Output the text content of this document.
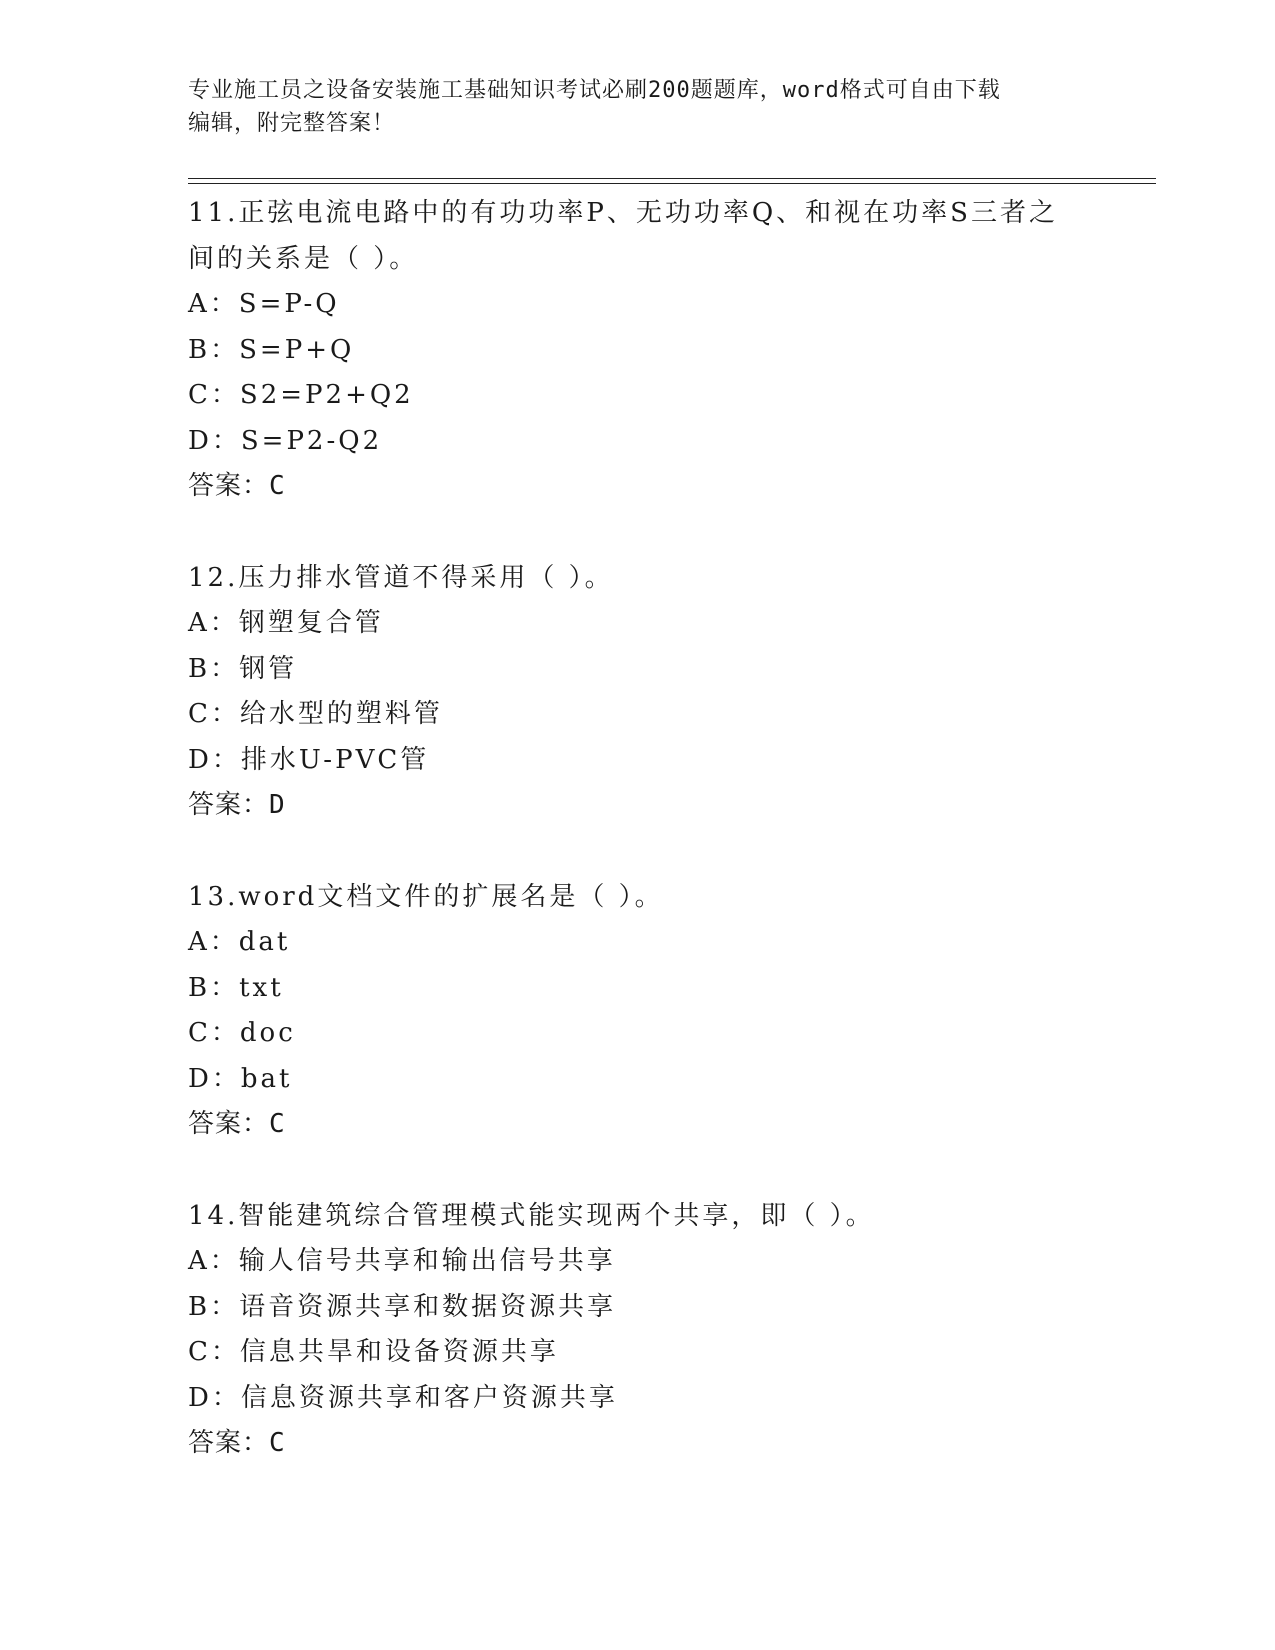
专业施工员之设备安装施工基础知识考试必刷200题题库，word格式可自由下载
编辑，附完整答案！
11.正弦电流电路中的有功功率P、无功功率Q、和视在功率S三者之
间的关系是（ ）。
A：S=P-Q
B：S=P+Q
C：S2=P2+Q2
D：S=P2-Q2
答案：C
12.压力排水管道不得采用（ ）。
A：钢塑复合管
B：钢管
C：给水型的塑料管
D：排水U-PVC管
答案：D
13.word文档文件的扩展名是（ ）。
A：dat
B：txt
C：doc
D：bat
答案：C
14.智能建筑综合管理模式能实现两个共享，即（ ）。
A：输人信号共享和输出信号共享
B：语音资源共享和数据资源共享
C：信息共旱和设备资源共享
D：信息资源共享和客户资源共享
答案：C
